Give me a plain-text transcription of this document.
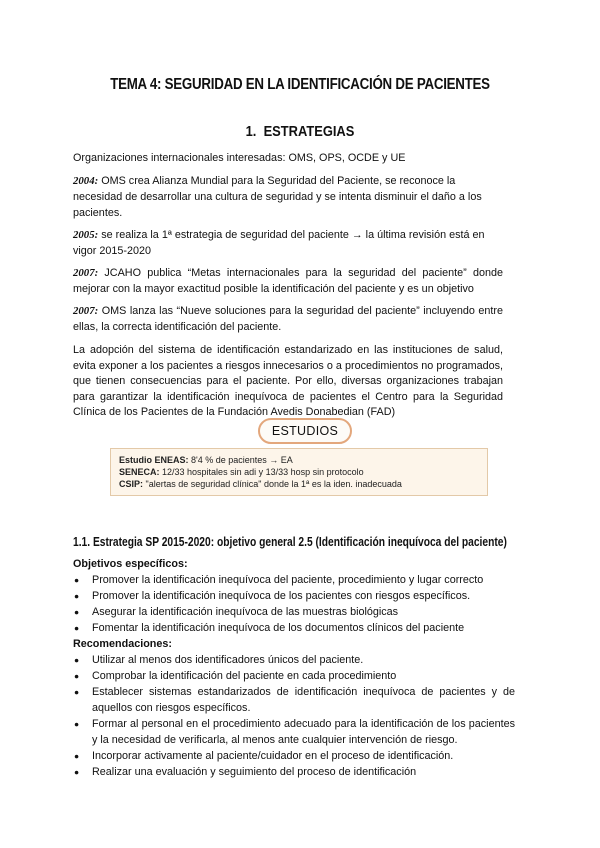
TEMA 4: SEGURIDAD EN LA IDENTIFICACIÓN DE PACIENTES
1. ESTRATEGIAS

Organizaciones internacionales interesadas: OMS, OPS, OCDE y UE

2004: OMS crea Alianza Mundial para la Seguridad del Paciente, se reconoce la necesidad de desarrollar una cultura de seguridad y se intenta disminuir el daño a los pacientes.

2005: se realiza la 1ª estrategia de seguridad del paciente → la última revisión está en vigor 2015-2020

2007: JCAHO publica “Metas internacionales para la seguridad del paciente” donde mejorar con la mayor exactitud posible la identificación del paciente y es un objetivo

2007: OMS lanza las “Nueve soluciones para la seguridad del paciente” incluyendo entre ellas, la correcta identificación del paciente.

La adopción del sistema de identificación estandarizado en las instituciones de salud, evita exponer a los pacientes a riesgos innecesarios o a procedimientos no programados, que tienen consecuencias para el paciente. Por ello, diversas organizaciones trabajan para garantizar la identificación inequívoca de pacientes el Centro para la Seguridad Clínica de los Pacientes de la Fundación Avedis Donabedian (FAD)

ESTUDIOS
Estudio ENEAS: 8'4 % de pacientes → EA
SENECA: 12/33 hospitales sin adi y 13/33 hosp sin protocolo
CSIP: "alertas de seguridad clínica" donde la 1ª es la iden. inadecuada
1.1. Estrategia SP 2015-2020: objetivo general 2.5 (Identificación inequívoca del paciente)
Objetivos específicos:
● Promover la identificación inequívoca del paciente, procedimiento y lugar correcto
● Promover la identificación inequívoca de los pacientes con riesgos específicos.
● Asegurar la identificación inequívoca de las muestras biológicas
● Fomentar la identificación inequívoca de los documentos clínicos del paciente
Recomendaciones:
● Utilizar al menos dos identificadores únicos del paciente.
● Comprobar la identificación del paciente en cada procedimiento
● Establecer sistemas estandarizados de identificación inequívoca de pacientes y de aquellos con riesgos específicos.
● Formar al personal en el procedimiento adecuado para la identificación de los pacientes y la necesidad de verificarla, al menos ante cualquier intervención de riesgo.
● Incorporar activamente al paciente/cuidador en el proceso de identificación.
● Realizar una evaluación y seguimiento del proceso de identificación
